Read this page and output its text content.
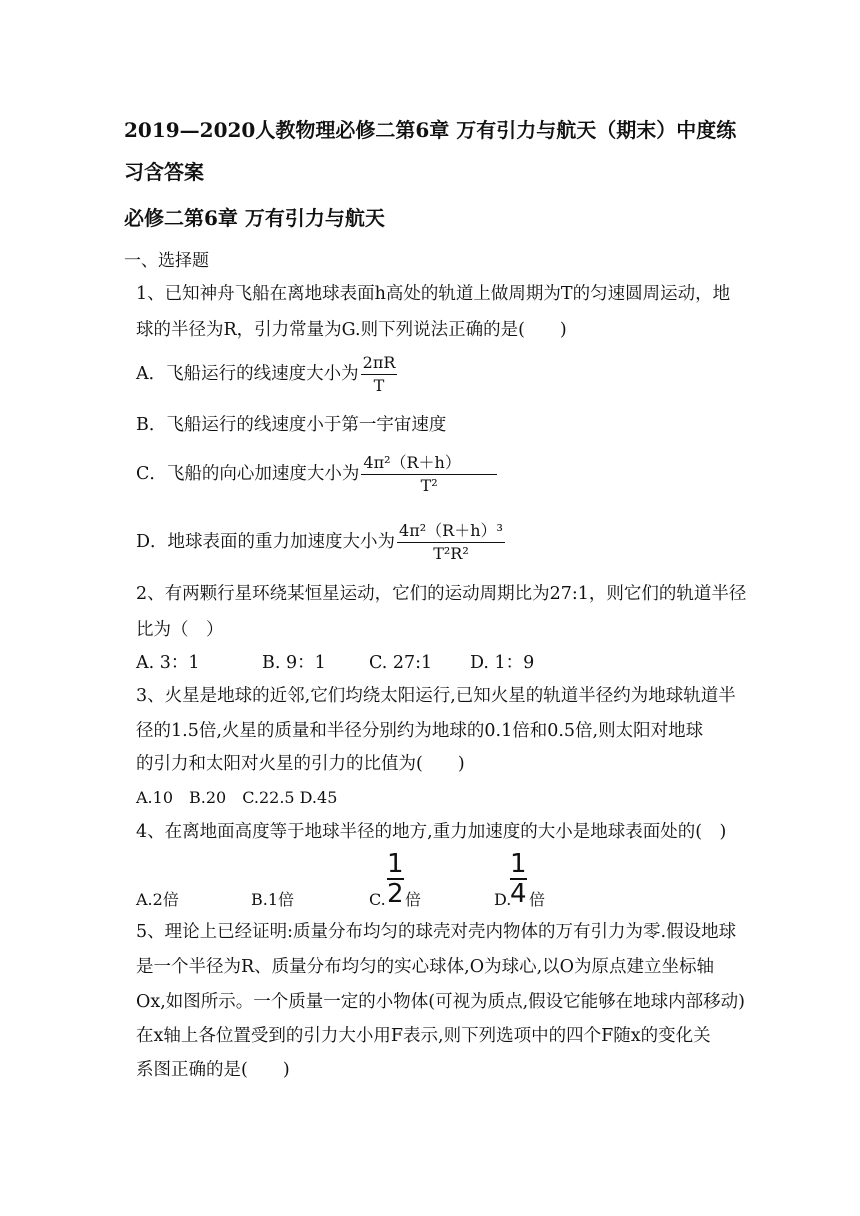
2019—2020人教物理必修二第6章 万有引力与航天（期末）中度练
习含答案
必修二第6章 万有引力与航天
一、选择题
1、已知神舟飞船在离地球表面h高处的轨道上做周期为T的匀速圆周运动，地
球的半径为R，引力常量为G.则下列说法正确的是(　　)
A．飞船运行的线速度大小为 $\frac{2\pi R}{T}$
B．飞船运行的线速度小于第一宇宙速度
C．飞船的向心加速度大小为 $\frac{\text{4π²（R＋h）}}{\text{T²}}$
D．地球表面的重力加速度大小为 $\frac{\text{4π²（R＋h）³}}{\text{T²R²}}$
2、有两颗行星环绕某恒星运动，它们的运动周期比为27:1，则它们的轨道半径
比为（　）
A. 3：1	B. 9：1 C. 27:1 D. 1：9
3、火星是地球的近邻,它们均绕太阳运行,已知火星的轨道半径约为地球轨道半
径的1.5倍,火星的质量和半径分别约为地球的0.1倍和0.5倍,则太阳对地球
的引力和太阳对火星的引力的比值为(　　)
A.10　B.20　C.22.5 D.45
4、在离地面高度等于地球半径的地方,重力加速度的大小是地球表面处的(　)
A.2倍	B.1倍	C. $\frac{1}{2}$ 倍	D.
$\frac{1}{4}$ 倍
5、理论上已经证明:质量分布均匀的球壳对壳内物体的万有引力为零.假设地球
是一个半径为R、质量分布均匀的实心球体,O为球心,以O为原点建立坐标轴
Ox,如图所示。一个质量一定的小物体(可视为质点,假设它能够在地球内部移动)
在x轴上各位置受到的引力大小用F表示,则下列选项中的四个F随x的变化关
系图正确的是(　　)
